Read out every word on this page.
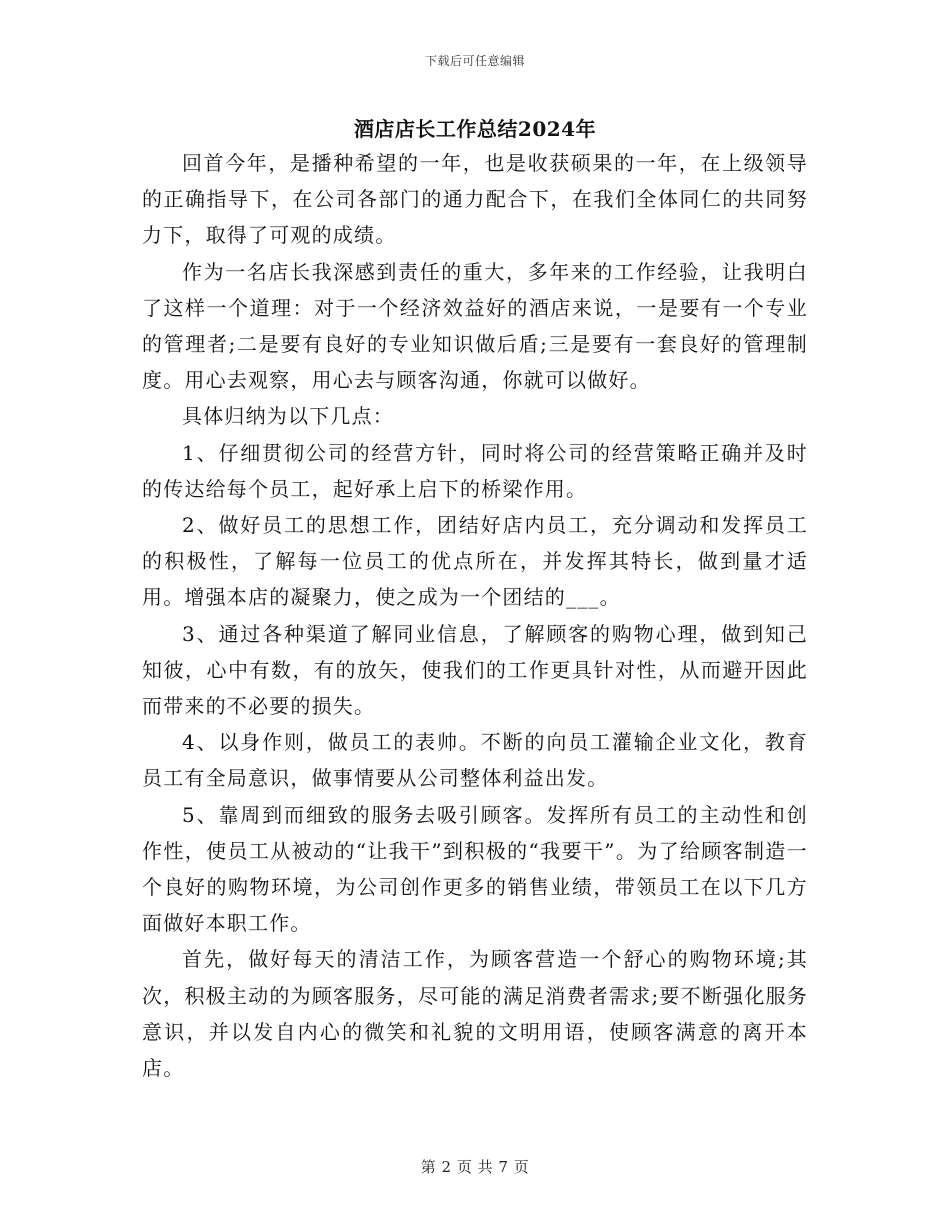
下载后可任意编辑
酒店店长工作总结2024年

回首今年，是播种希望的一年，也是收获硕果的一年，在上级领导的正确指导下，在公司各部门的通力配合下，在我们全体同仁的共同努力下，取得了可观的成绩。

作为一名店长我深感到责任的重大，多年来的工作经验，让我明白了这样一个道理：对于一个经济效益好的酒店来说，一是要有一个专业的管理者;二是要有良好的专业知识做后盾;三是要有一套良好的管理制度。用心去观察，用心去与顾客沟通，你就可以做好。

具体归纳为以下几点：

1、仔细贯彻公司的经营方针，同时将公司的经营策略正确并及时的传达给每个员工，起好承上启下的桥梁作用。

2、做好员工的思想工作，团结好店内员工，充分调动和发挥员工的积极性，了解每一位员工的优点所在，并发挥其特长，做到量才适用。增强本店的凝聚力，使之成为一个团结的___。

3、通过各种渠道了解同业信息，了解顾客的购物心理，做到知己知彼，心中有数，有的放矢，使我们的工作更具针对性，从而避开因此而带来的不必要的损失。

4、以身作则，做员工的表帅。不断的向员工灌输企业文化，教育员工有全局意识，做事情要从公司整体利益出发。

5、靠周到而细致的服务去吸引顾客。发挥所有员工的主动性和创作性，使员工从被动的“让我干”到积极的“我要干”。为了给顾客制造一个良好的购物环境，为公司创作更多的销售业绩，带领员工在以下几方面做好本职工作。

首先，做好每天的清洁工作，为顾客营造一个舒心的购物环境;其次，积极主动的为顾客服务，尽可能的满足消费者需求;要不断强化服务意识，并以发自内心的微笑和礼貌的文明用语，使顾客满意的离开本店。

第 2 页 共 7 页
